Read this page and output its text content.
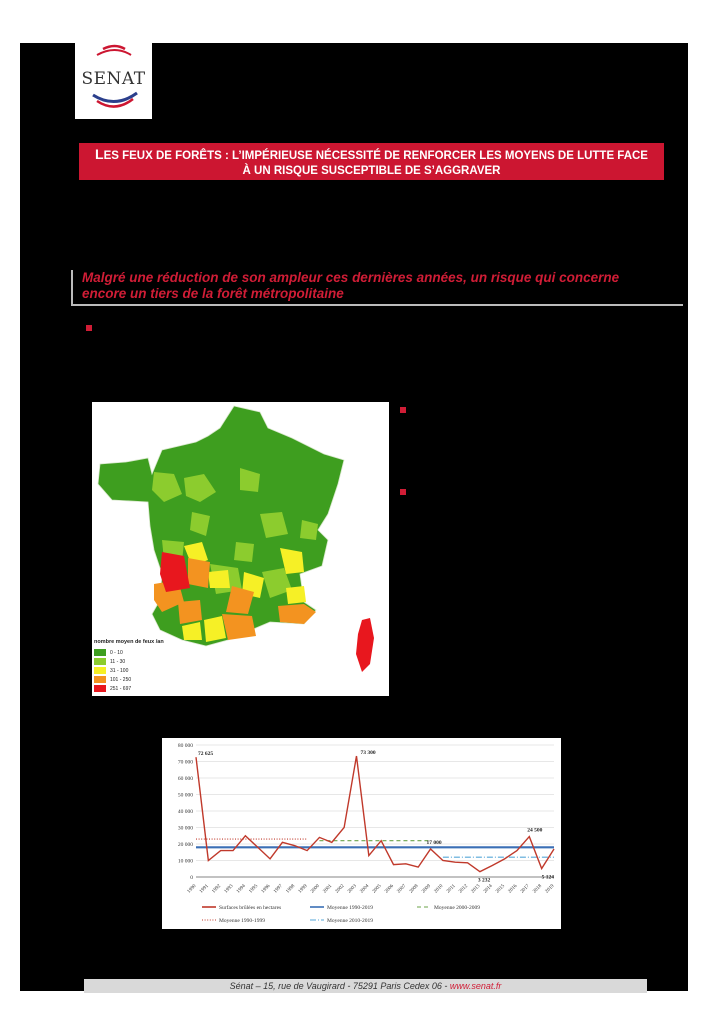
SENAT
LES FEUX DE FORÊTS : L’IMPÉRIEUSE NÉCESSITÉ DE RENFORCER LES MOYENS DE LUTTE FACE
À UN RISQUE SUSCEPTIBLE DE S’AGGRAVER
Malgré une réduction de son ampleur ces dernières années, un risque qui concerne
encore un tiers de la forêt métropolitaine
nombre moyen de feux /an
0 - 10
11 - 30
31 - 100
101 - 250
251 - 697
0
10 000
20 000
30 000
40 000
50 000
60 000
70 000
80 000
1990 1991 1992 1993 1994 1995 1996 1997 1998 1999 2000 2001 2002 2003 2004 2005 2006 2007 2008 2009 2010 2011 2012 2013 2014 2015 2016 2017 2018 2019
72 625	73 300
17 000
24 500
3 232
5 124
Surfaces brûlées en hectares	Moyenne 1990-2019	Moyenne 2000-2009
Moyenne 1990-1999	Moyenne 2010-2019
Sénat – 15, rue de Vaugirard - 75291 Paris Cedex 06 - www.senat.fr
